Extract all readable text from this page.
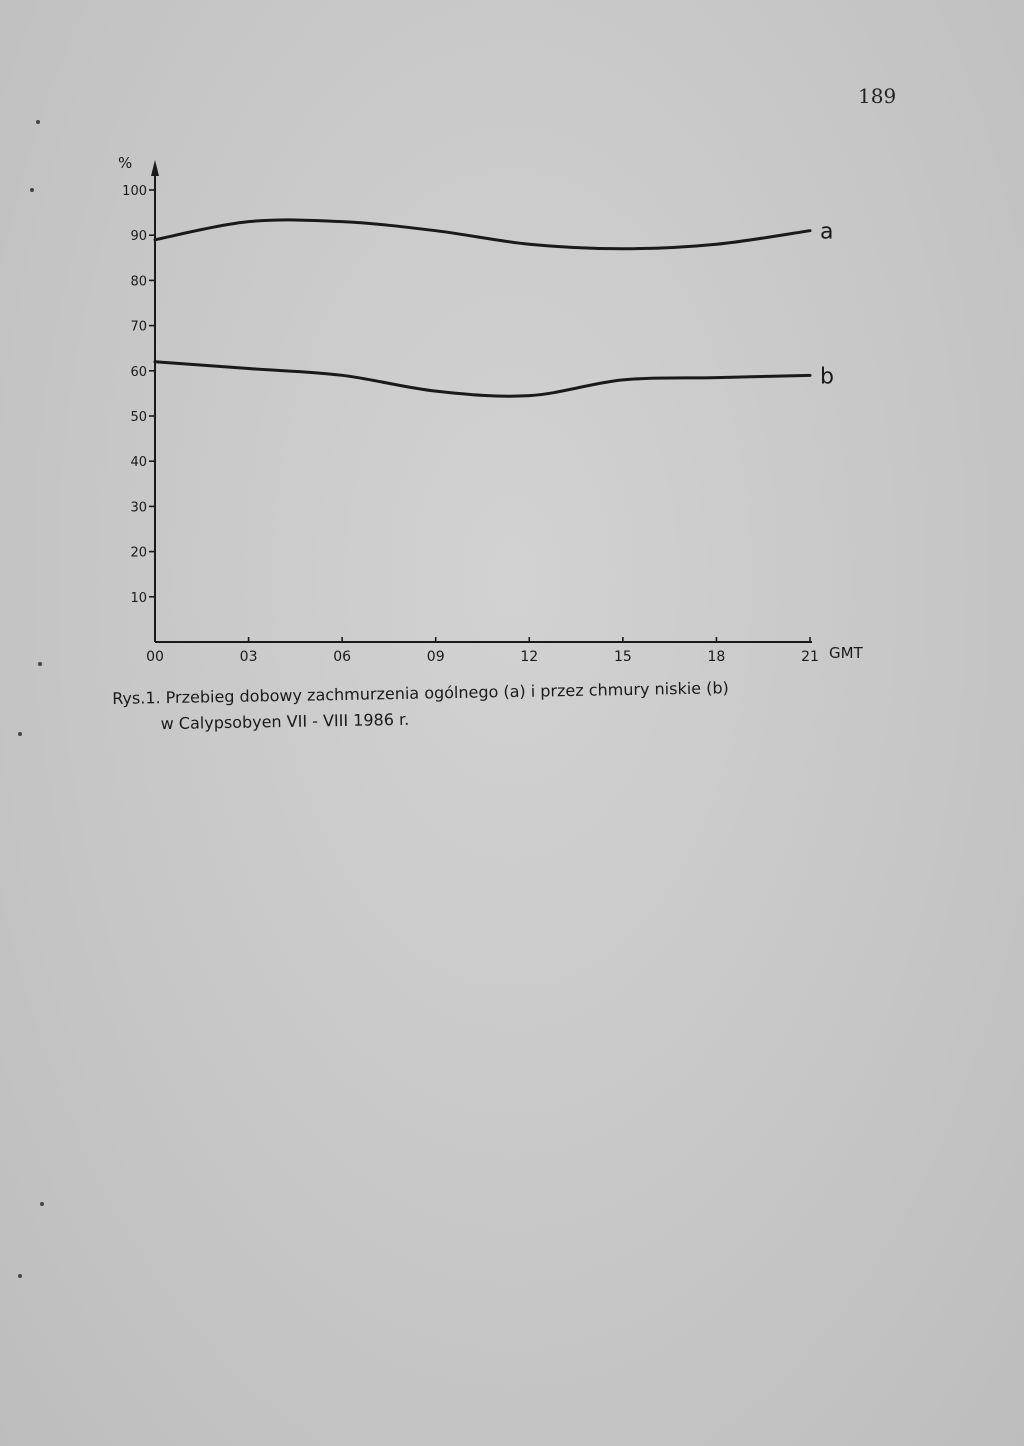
189
%
GMT
10
20
30
40
50
60
70
80
90
100
00	03	06	09	12	15	18	21
a
b
Rys.1. Przebieg dobowy zachmurzenia ogólnego (a) i przez chmury niskie (b)
w Calypsobyen VII - VIII 1986 r.
